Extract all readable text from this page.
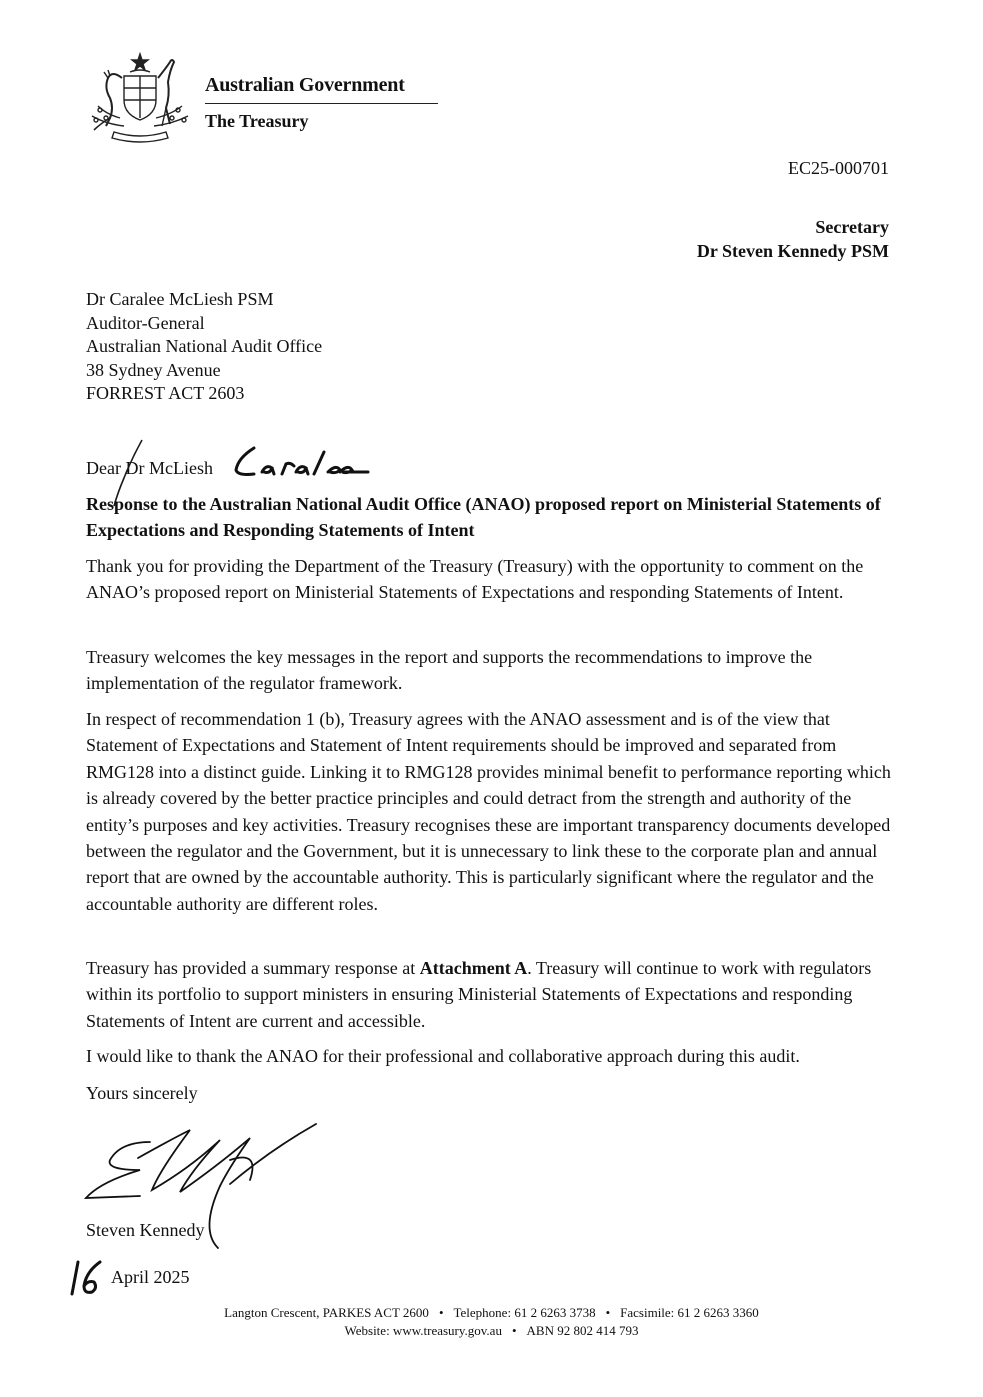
Australian Government
The Treasury
EC25-000701
Secretary
Dr Steven Kennedy PSM
Dr Caralee McLiesh PSM
Auditor-General
Australian National Audit Office
38 Sydney Avenue
FORREST ACT 2603
Dear Dr McLiesh
Response to the Australian National Audit Office (ANAO) proposed report on Ministerial Statements of Expectations and Responding Statements of Intent
Thank you for providing the Department of the Treasury (Treasury) with the opportunity to comment on the ANAO’s proposed report on Ministerial Statements of Expectations and responding Statements of Intent.
Treasury welcomes the key messages in the report and supports the recommendations to improve the implementation of the regulator framework.
In respect of recommendation 1 (b), Treasury agrees with the ANAO assessment and is of the view that Statement of Expectations and Statement of Intent requirements should be improved and separated from RMG128 into a distinct guide. Linking it to RMG128 provides minimal benefit to performance reporting which is already covered by the better practice principles and could detract from the strength and authority of the entity’s purposes and key activities. Treasury recognises these are important transparency documents developed between the regulator and the Government, but it is unnecessary to link these to the corporate plan and annual report that are owned by the accountable authority. This is particularly significant where the regulator and the accountable authority are different roles.
Treasury has provided a summary response at Attachment A. Treasury will continue to work with regulators within its portfolio to support ministers in ensuring Ministerial Statements of Expectations and responding Statements of Intent are current and accessible.
I would like to thank the ANAO for their professional and collaborative approach during this audit.
Yours sincerely
Steven Kennedy
April 2025
Langton Crescent, PARKES ACT 2600 • Telephone: 61 2 6263 3738 • Facsimile: 61 2 6263 3360
Website: www.treasury.gov.au • ABN 92 802 414 793
